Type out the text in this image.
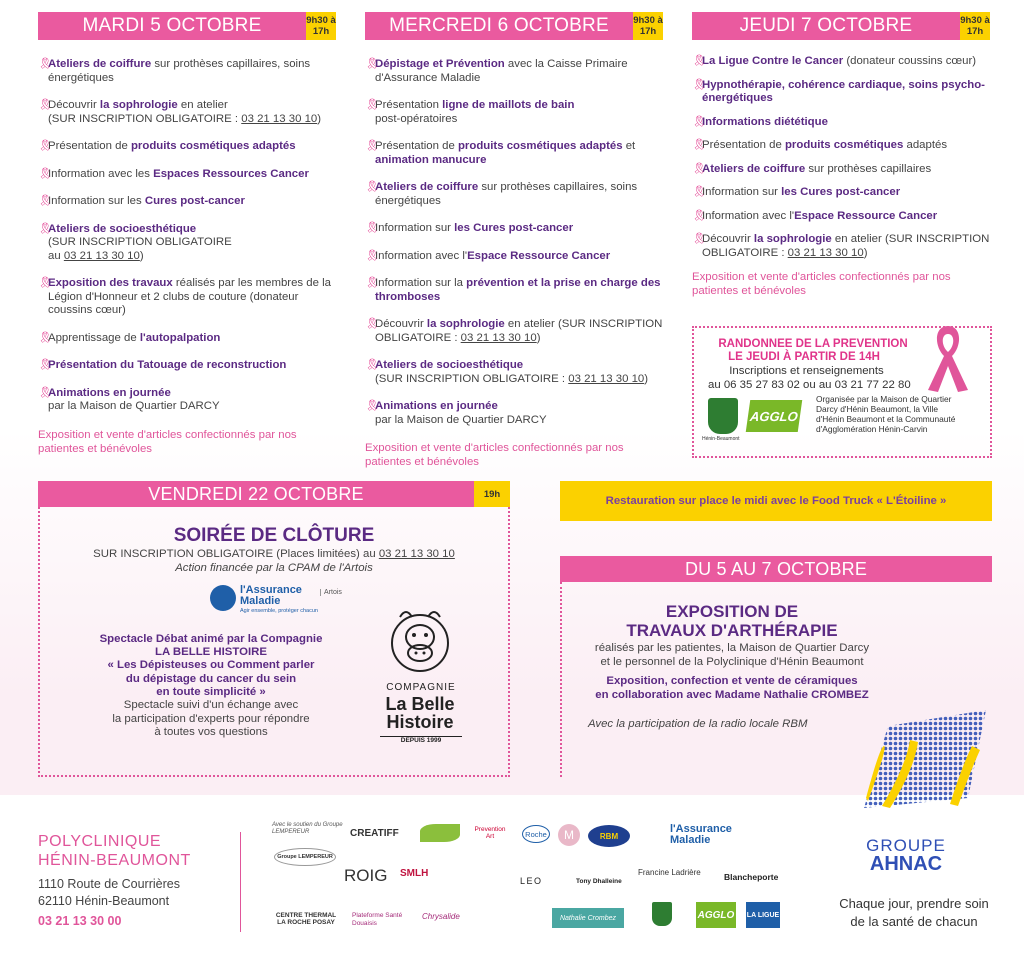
MARDI 5 OCTOBRE	9h30 à 17h
🎗
Ateliers de coiffure sur prothèses capillaires, soins énergétiques
🎗
Découvrir la sophrologie en atelier
(SUR INSCRIPTION OBLIGATOIRE : 03 21 13 30 10)
🎗
Présentation de produits cosmétiques adaptés
🎗
Information avec les Espaces Ressources Cancer
🎗
Information sur les Cures post-cancer
🎗
Ateliers de socioesthétique
(SUR INSCRIPTION OBLIGATOIRE
au 03 21 13 30 10)
🎗
Exposition des travaux réalisés par les membres de la Légion d'Honneur et 2 clubs de couture (donateur coussins cœur)
🎗
Apprentissage de l'autopalpation
🎗
Présentation du Tatouage de reconstruction
🎗
Animations en journée
par la Maison de Quartier DARCY
Exposition et vente d'articles confectionnés par nos patientes et bénévoles
MERCREDI 6 OCTOBRE	9h30 à 17h
🎗
Dépistage et Prévention avec la Caisse Primaire d'Assurance Maladie
🎗
Présentation ligne de maillots de bain
post-opératoires
🎗
Présentation de produits cosmétiques adaptés et
animation manucure
🎗
Ateliers de coiffure sur prothèses capillaires, soins énergétiques
🎗
Information sur les Cures post-cancer
🎗
Information avec l'Espace Ressource Cancer
🎗
Information sur la prévention et la prise en charge des thromboses
🎗
Découvrir la sophrologie en atelier (SUR INSCRIPTION OBLIGATOIRE : 03 21 13 30 10)
🎗
Ateliers de socioesthétique
(SUR INSCRIPTION OBLIGATOIRE : 03 21 13 30 10)
🎗
Animations en journée
par la Maison de Quartier DARCY
Exposition et vente d'articles confectionnés par nos patientes et bénévoles
JEUDI 7 OCTOBRE	9h30 à 17h
🎗
La Ligue Contre le Cancer (donateur coussins cœur)
🎗
Hypnothérapie, cohérence cardiaque, soins psycho-énergétiques
🎗
Informations diététique
🎗
Présentation de produits cosmétiques adaptés
🎗
Ateliers de coiffure sur prothèses capillaires
🎗
Information sur les Cures post-cancer
🎗
Information avec l'Espace Ressource Cancer
🎗
Découvrir la sophrologie en atelier (SUR INSCRIPTION OBLIGATOIRE : 03 21 13 30 10)
Exposition et vente d'articles confectionnés par nos patientes et bénévoles
RANDONNEE DE LA PREVENTION
LE JEUDI À PARTIR DE 14H
Inscriptions et renseignements
au 06 35 27 83 02 ou au 03 21 77 22 80
Hénin-Beaumont
AGGLO
Organisée par la Maison de Quartier Darcy d'Hénin Beaumont, la Ville d'Hénin Beaumont et la Communauté d'Agglomération Hénin-Carvin
VENDREDI 22 OCTOBRE	19h
SOIRÉE DE CLÔTURE
SUR INSCRIPTION OBLIGATOIRE (Places limitées) au 03 21 13 30 10
Action financée par la CPAM de l'Artois
l'Assurance Maladie
Agir ensemble, protéger chacun
Artois
Spectacle Débat animé par la Compagnie
LA BELLE HISTOIRE
« Les Dépisteuses ou Comment parler
du dépistage du cancer du sein
en toute simplicité »
Spectacle suivi d'un échange avec
la participation d'experts pour répondre
à toutes vos questions
COMPAGNIE
La Belle
Histoire
DEPUIS 1999
Restauration sur place le midi avec le Food Truck « L'Étoiline »
DU 5 AU 7 OCTOBRE
EXPOSITION DE
TRAVAUX D'ARTHÉRAPIE
réalisés par les patientes, la Maison de Quartier Darcy
et le personnel de la Polyclinique d'Hénin Beaumont
Exposition, confection et vente de céramiques
en collaboration avec Madame Nathalie CROMBEZ
Avec la participation de la radio locale RBM
POLYCLINIQUE
HÉNIN-BEAUMONT
1110 Route de Courrières
62110 Hénin-Beaumont
03 21 13 30 00
Avec le soutien du Groupe LEMPEREUR	CREATIFF	Prevention Art	Roche	M	RBM
l'Assurance Maladie
Groupe LEMPEREUR
ROIG SMLH
LEO	Tony Dhalleine
Francine Ladrière	Blancheporte
CENTRE THERMAL LA ROCHE POSAY
Plateforme Santé Douaisis
Chrysalide	Nathalie Crombez	AGGLO LA LIGUE
GROUPE
AHNAC
Chaque jour, prendre soin
de la santé de chacun
